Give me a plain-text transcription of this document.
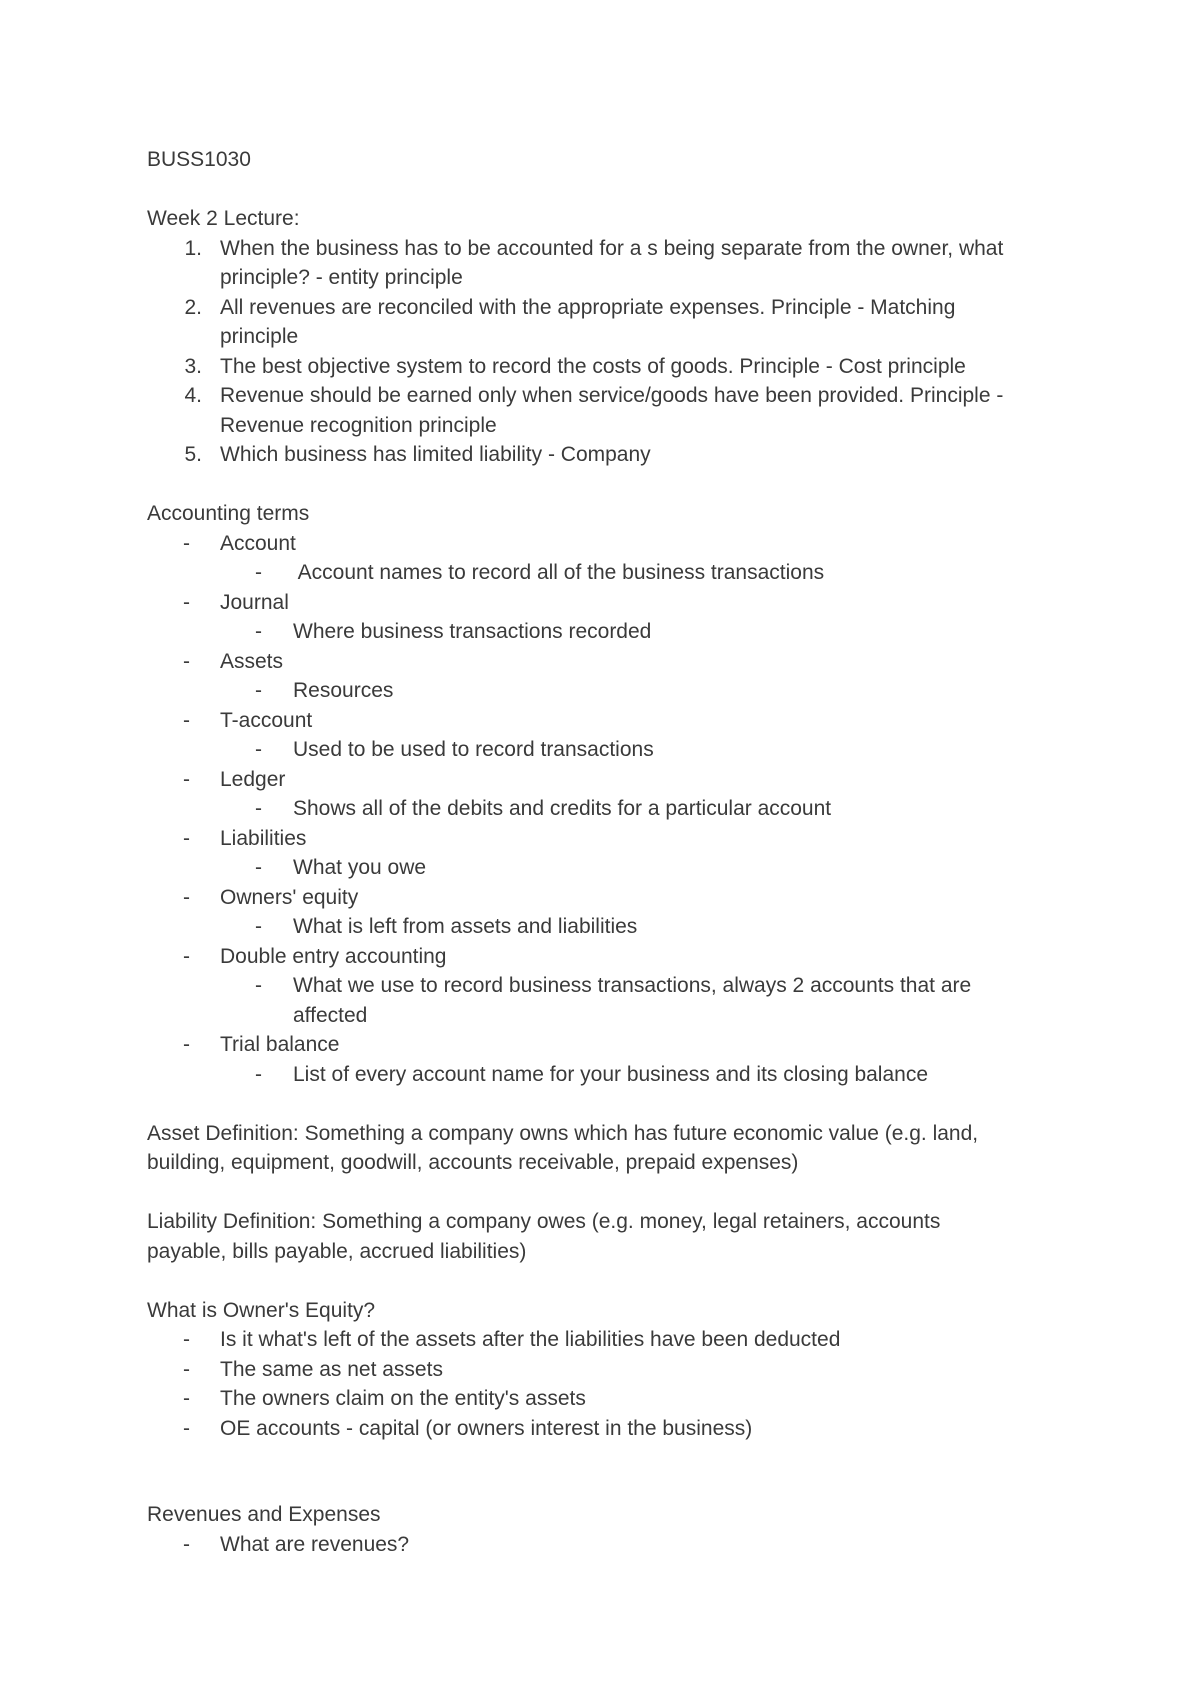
BUSS1030

Week 2 Lecture:

1. When the business has to be accounted for a s being separate from the owner, what

principle? - entity principle

2. All revenues are reconciled with the appropriate expenses. Principle - Matching

principle

3. The best objective system to record the costs of goods. Principle - Cost principle

4. Revenue should be earned only when service/goods have been provided. Principle -

Revenue recognition principle

5. Which business has limited liability - Company

Accounting terms

-	Account

-	Account names to record all of the business transactions

-	Journal

-	Where business transactions recorded

-	Assets

-	Resources

-	T-account

-	Used to be used to record transactions

-	Ledger

-	Shows all of the debits and credits for a particular account

-	Liabilities

-	What you owe

-	Owners' equity

-	What is left from assets and liabilities

-	Double entry accounting

-	What we use to record business transactions, always 2 accounts that are

affected

-	Trial balance

-	List of every account name for your business and its closing balance

Asset Definition: Something a company owns which has future economic value (e.g. land,

building, equipment, goodwill, accounts receivable, prepaid expenses)

Liability Definition: Something a company owes (e.g. money, legal retainers, accounts

payable, bills payable, accrued liabilities)

What is Owner's Equity?

-	Is it what's left of the assets after the liabilities have been deducted

-	The same as net assets

-	The owners claim on the entity's assets

-	OE accounts - capital (or owners interest in the business)

Revenues and Expenses

-	What are revenues?
